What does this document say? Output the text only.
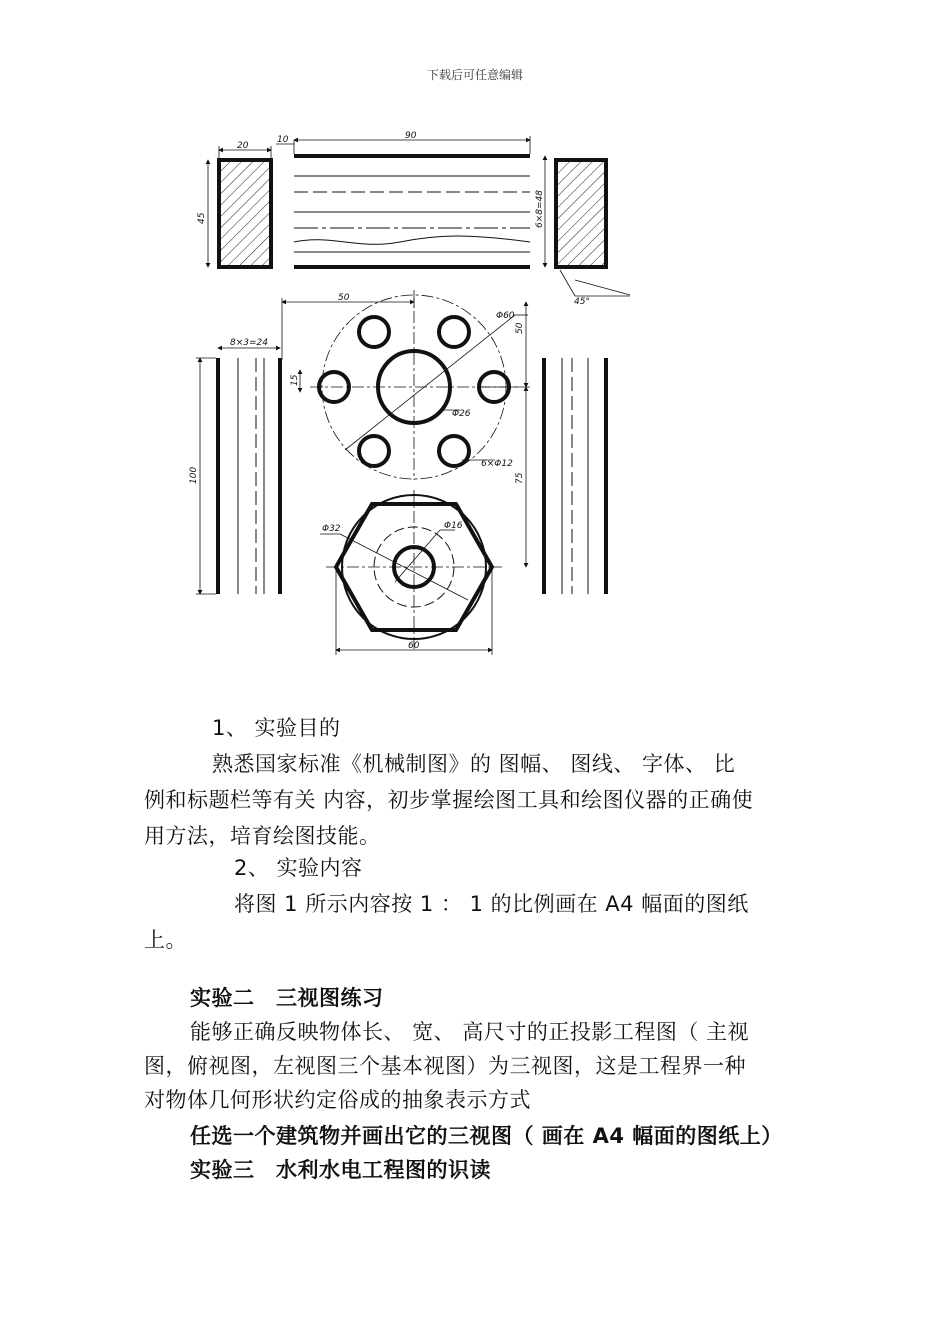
下载后可任意编辑
20
10	90
45	6×8=48
45°
50
50
Φ60
8×3=24
15
Φ26
6×Φ12
100	75
Φ32	Φ16
60
1、 实验目的
熟悉国家标准《机械制图》的 图幅、 图线、 字体、 比
例和标题栏等有关 内容，初步掌握绘图工具和绘图仪器的正确使
用方法，培育绘图技能。
2、 实验内容
将图 1 所示内容按 1 ： 1 的比例画在 A4 幅面的图纸
上。
实验二　三视图练习
能够正确反映物体长、 宽、 高尺寸的正投影工程图（ 主视
图，俯视图，左视图三个基本视图）为三视图，这是工程界一种
对物体几何形状约定俗成的抽象表示方式
任选一个建筑物并画出它的三视图（ 画在 A4 幅面的图纸上）
实验三　水利水电工程图的识读
